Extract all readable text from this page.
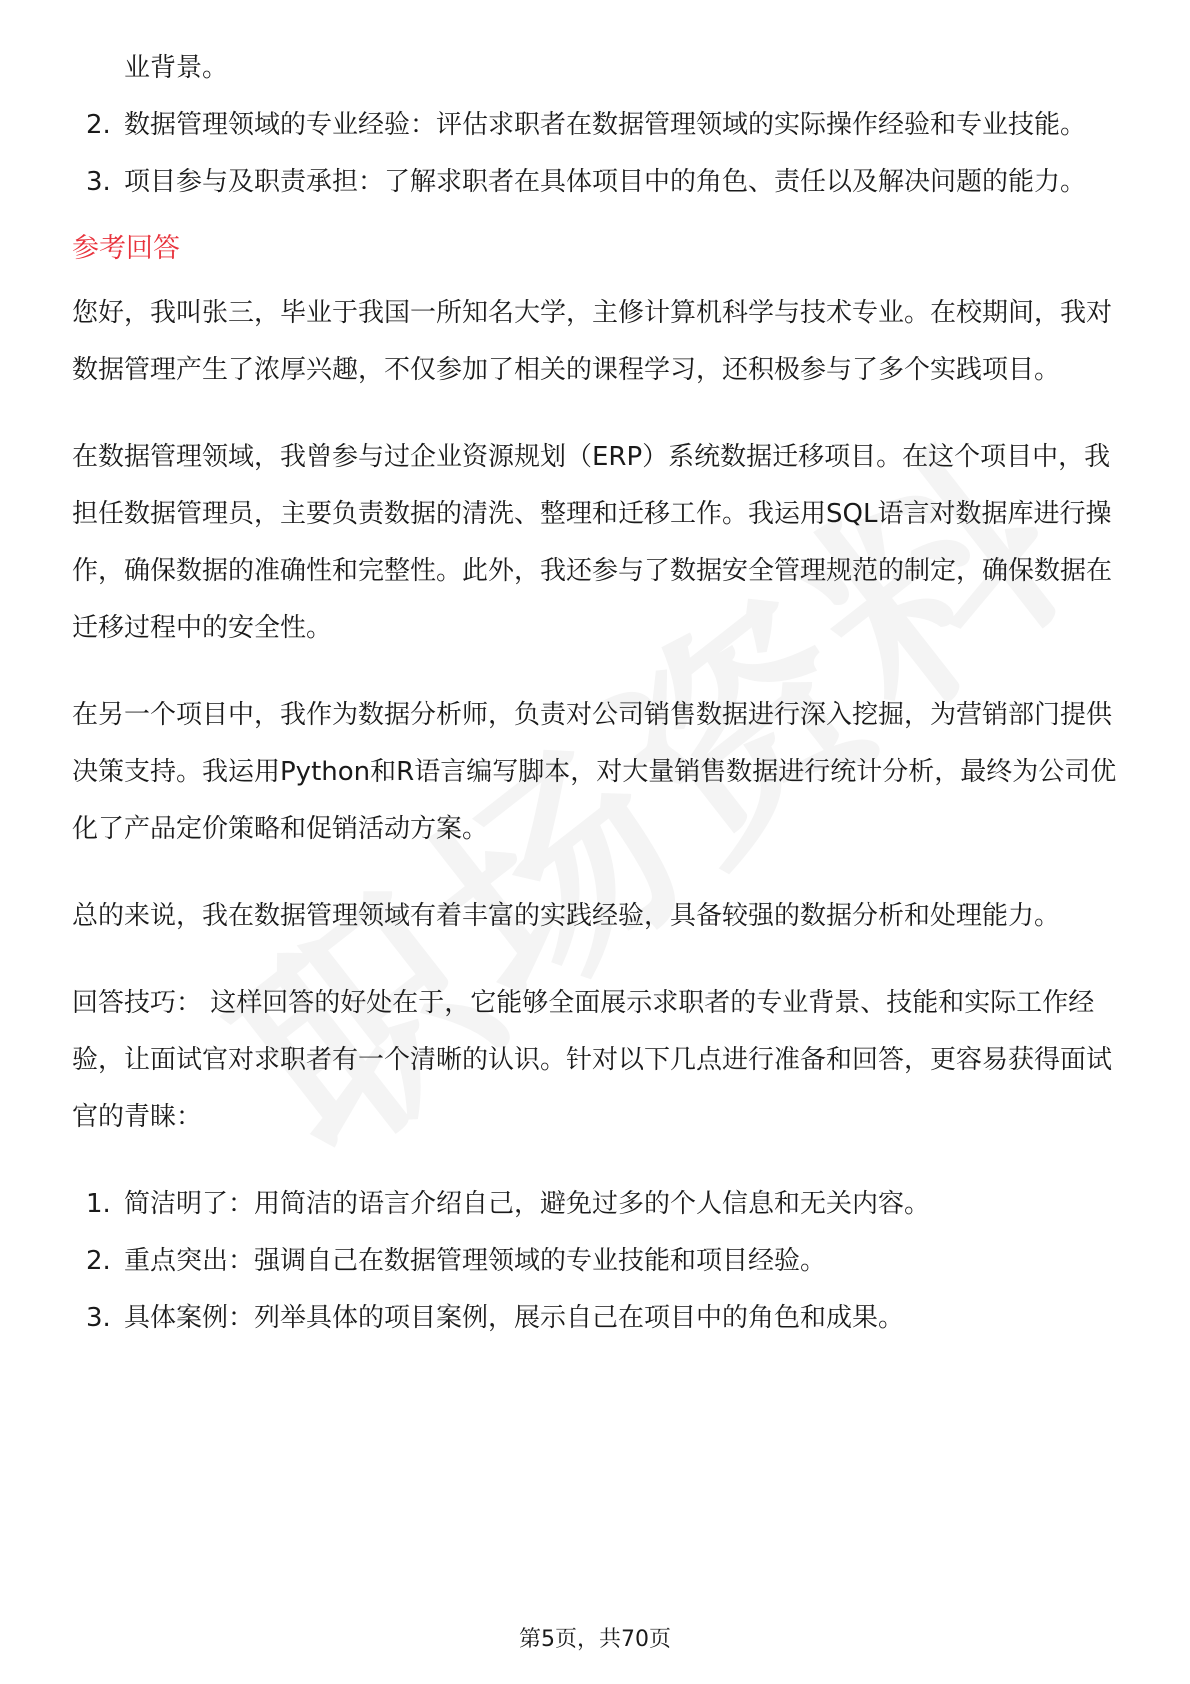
业背景。

2. 数据管理领域的专业经验：评估求职者在数据管理领域的实际操作经验和专业技能。
3. 项目参与及职责承担：了解求职者在具体项目中的角色、责任以及解决问题的能力。
参考回答

您好，我叫张三，毕业于我国一所知名大学，主修计算机科学与技术专业。在校期间，我对数据管理产生了浓厚兴趣，不仅参加了相关的课程学习，还积极参与了多个实践项目。

在数据管理领域，我曾参与过企业资源规划（ERP）系统数据迁移项目。在这个项目中，我担任数据管理员，主要负责数据的清洗、整理和迁移工作。我运用SQL语言对数据库进行操作，确保数据的准确性和完整性。此外，我还参与了数据安全管理规范的制定，确保数据在迁移过程中的安全性。

在另一个项目中，我作为数据分析师，负责对公司销售数据进行深入挖掘，为营销部门提供决策支持。我运用Python和R语言编写脚本，对大量销售数据进行统计分析，最终为公司优化了产品定价策略和促销活动方案。

总的来说，我在数据管理领域有着丰富的实践经验，具备较强的数据分析和处理能力。

回答技巧： 这样回答的好处在于，它能够全面展示求职者的专业背景、技能和实际工作经验，让面试官对求职者有一个清晰的认识。针对以下几点进行准备和回答，更容易获得面试官的青睐：

1. 简洁明了：用简洁的语言介绍自己，避免过多的个人信息和无关内容。
2. 重点突出：强调自己在数据管理领域的专业技能和项目经验。
3. 具体案例：列举具体的项目案例，展示自己在项目中的角色和成果。
第5页，共70页
